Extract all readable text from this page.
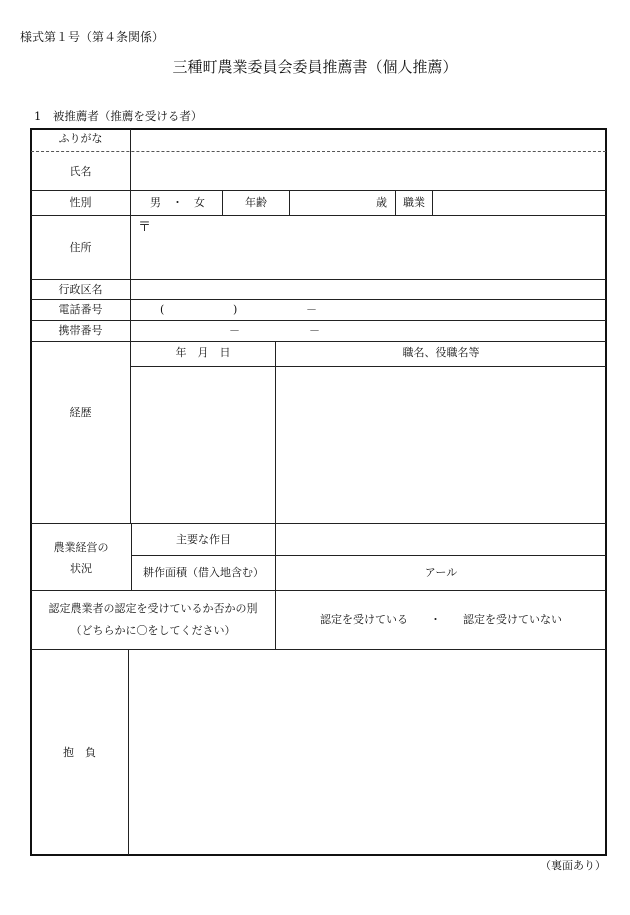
様式第１号（第４条関係）
三種町農業委員会委員推薦書（個人推薦）
1　被推薦者（推薦を受ける者）
ふりがな
氏名
性別	男　・　女	年齢	歳	職業
住所
〒
行政区名
電話番号	(	)	－
携帯番号	－	－
経歴
年　月　日	職名、役職名等
農業経営の
状況
主要な作目
耕作面積（借入地含む）	アール
認定農業者の認定を受けているか否かの別
（どちらかに〇をしてください）
認定を受けている　　・　　認定を受けていない
抱　負
（裏面あり）
